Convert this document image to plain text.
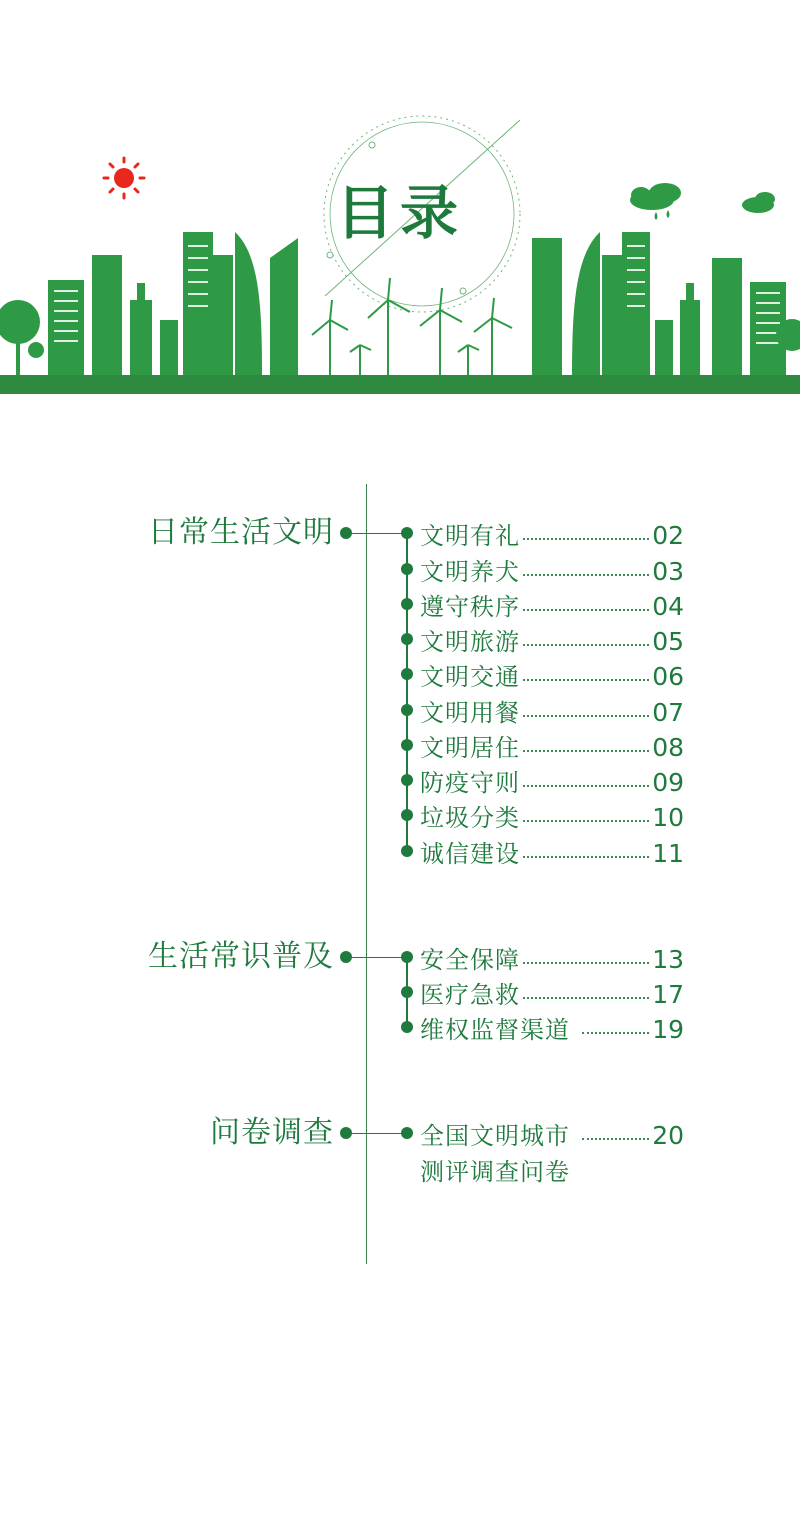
目录
日常生活文明	文明有礼	02
文明养犬	03
遵守秩序	04
文明旅游	05
文明交通	06
文明用餐	07
文明居住	08
防疫守则	09
垃圾分类	10
诚信建设	11
生活常识普及	安全保障	13
医疗急救	17
维权监督渠道	19
问卷调查	全国文明城市	20
测评调查问卷
